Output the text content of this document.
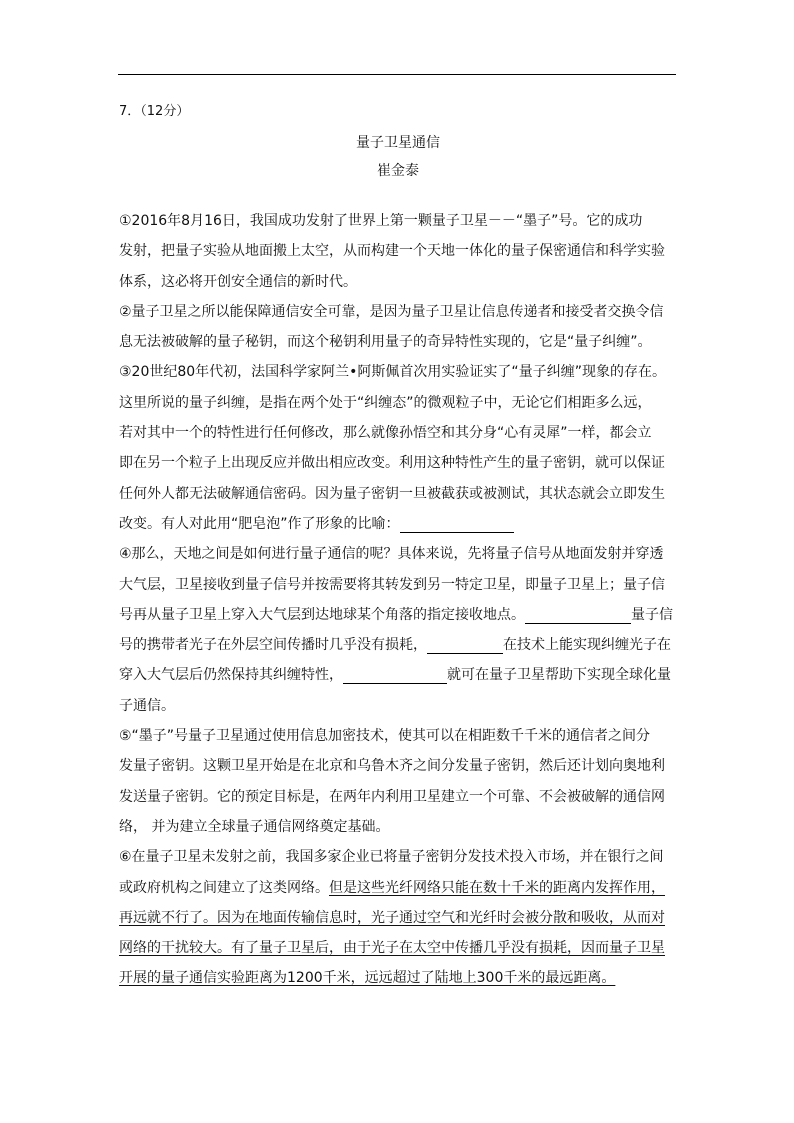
7．（12分）
量子卫星通信
崔金泰
①2016年8月16日，我国成功发射了世界上第一颗量子卫星－－“墨子”号。它的成功
发射，把量子实验从地面搬上太空，从而构建一个天地一体化的量子保密通信和科学实验
体系，这必将开创安全通信的新时代。
②量子卫星之所以能保障通信安全可靠，是因为量子卫星让信息传递者和接受者交换令信
息无法被破解的量子秘钥，而这个秘钥利用量子的奇异特性实现的，它是“量子纠缠”。
③20世纪80年代初，法国科学家阿兰•阿斯佩首次用实验证实了“量子纠缠”现象的存在。
这里所说的量子纠缠，是指在两个处于“纠缠态”的微观粒子中，无论它们相距多么远，
若对其中一个的特性进行任何修改，那么就像孙悟空和其分身“心有灵犀”一样，都会立
即在另一个粒子上出现反应并做出相应改变。利用这种特性产生的量子密钥，就可以保证
任何外人都无法破解通信密码。因为量子密钥一旦被截获或被测试，其状态就会立即发生
改变。有人对此用“肥皂泡”作了形象的比喻：
④那么，天地之间是如何进行量子通信的呢？具体来说，先将量子信号从地面发射并穿透
大气层，卫星接收到量子信号并按需要将其转发到另一特定卫星，即量子卫星上；量子信
号再从量子卫星上穿入大气层到达地球某个角落的指定接收地点。	量子信
号的携带者光子在外层空间传播时几乎没有损耗，	在技术上能实现纠缠光子在
穿入大气层后仍然保持其纠缠特性，	就可在量子卫星帮助下实现全球化量
子通信。
⑤“墨子”号量子卫星通过使用信息加密技术，使其可以在相距数千千米的通信者之间分
发量子密钥。这颗卫星开始是在北京和乌鲁木齐之间分发量子密钥，然后还计划向奥地利
发送量子密钥。它的预定目标是，在两年内利用卫星建立一个可靠、不会被破解的通信网
络， 并为建立全球量子通信网络奠定基础。
⑥在量子卫星未发射之前，我国多家企业已将量子密钥分发技术投入市场，并在银行之间
或政府机构之间建立了这类网络。但是这些光纤网络只能在数十千米的距离内发挥作用，
再远就不行了。因为在地面传输信息时，光子通过空气和光纤时会被分散和吸收，从而对
网络的干扰较大。有了量子卫星后，由于光子在太空中传播几乎没有损耗，因而量子卫星
开展的量子通信实验距离为1200千米，远远超过了陆地上300千米的最远距离。
